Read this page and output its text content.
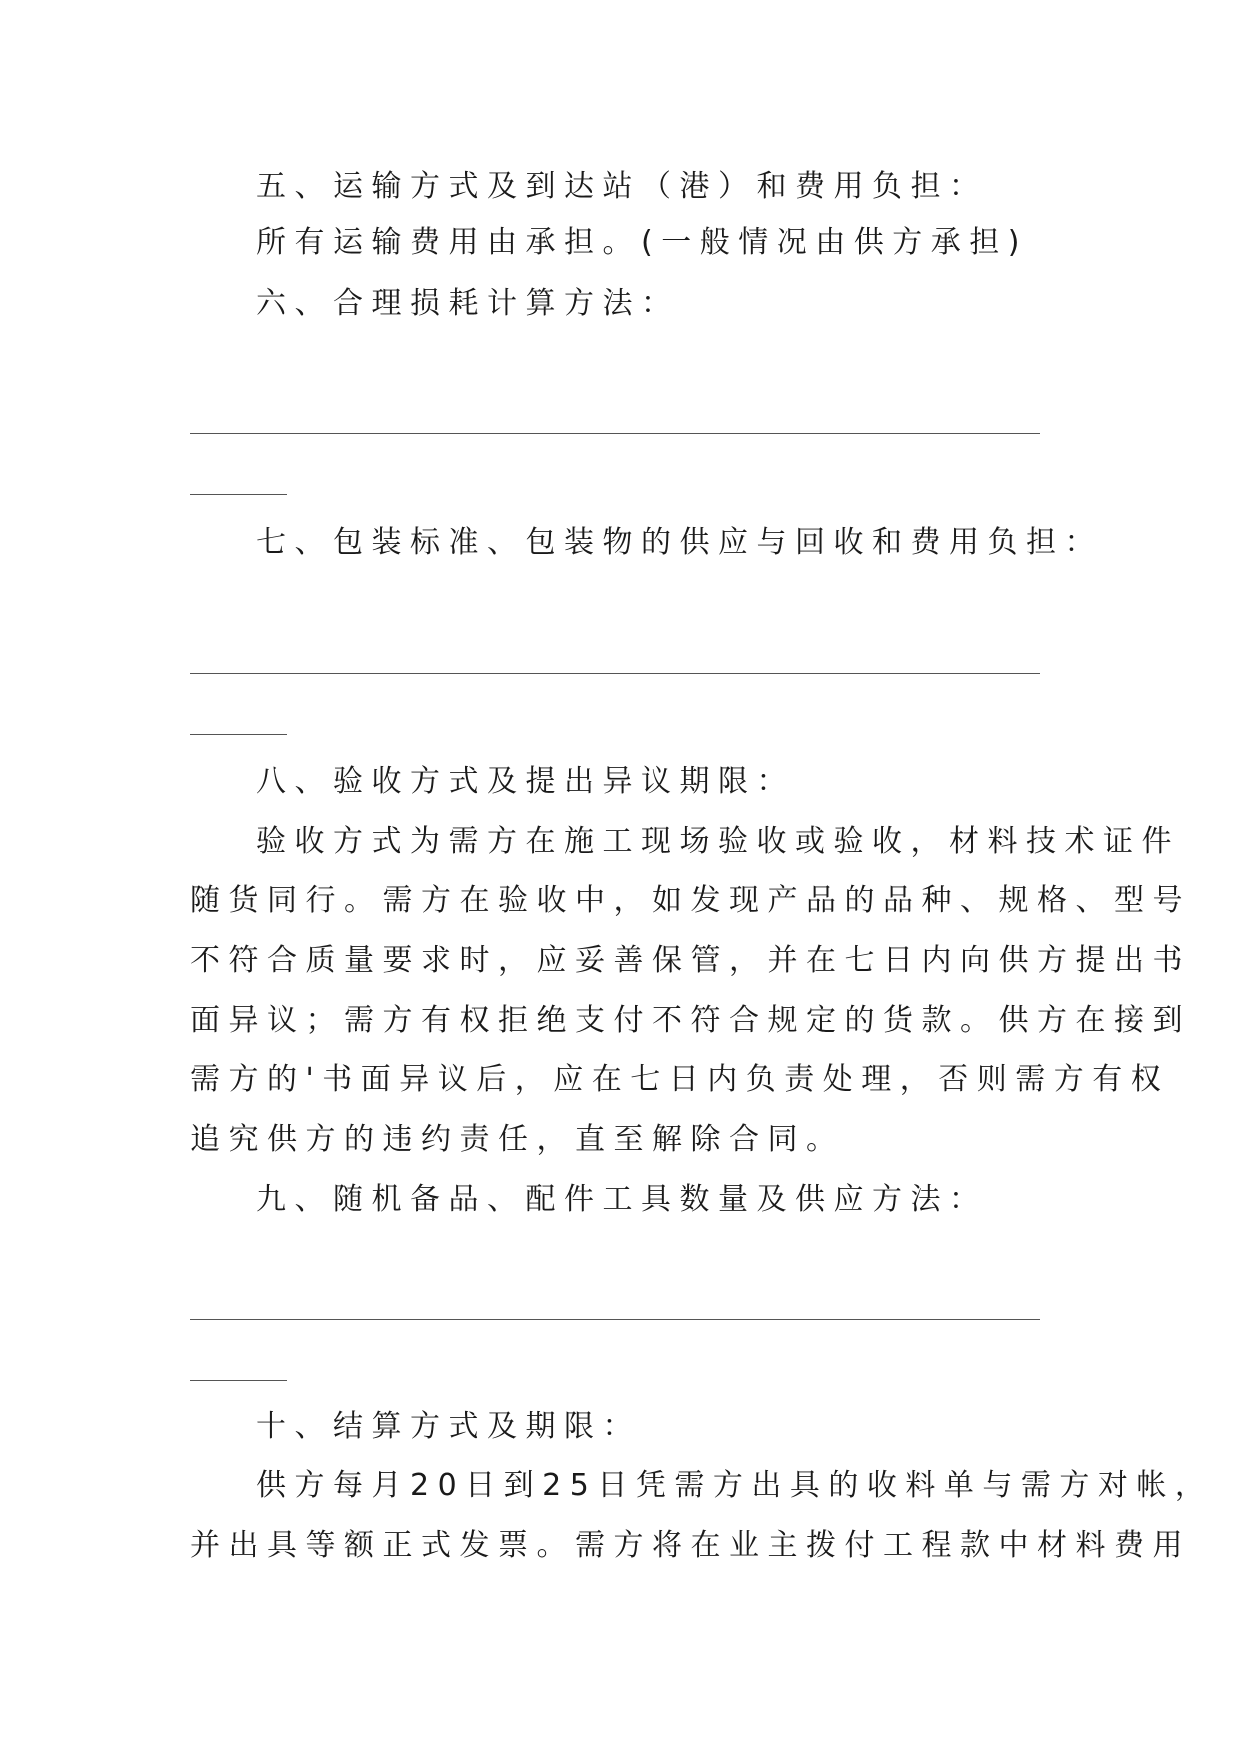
五、运输方式及到达站（港）和费用负担：
所有运输费用由承担。(一般情况由供方承担)
六、合理损耗计算方法：
七、包装标准、包装物的供应与回收和费用负担：
八、验收方式及提出异议期限：
验收方式为需方在施工现场验收或验收，材料技术证件
随货同行。需方在验收中，如发现产品的品种、规格、型号
不符合质量要求时，应妥善保管，并在七日内向供方提出书
面异议；需方有权拒绝支付不符合规定的货款。供方在接到
需方的'书面异议后，应在七日内负责处理，否则需方有权
追究供方的违约责任，直至解除合同。
九、随机备品、配件工具数量及供应方法：
十、结算方式及期限：
供方每月20日到25日凭需方出具的收料单与需方对帐，
并出具等额正式发票。需方将在业主拨付工程款中材料费用
